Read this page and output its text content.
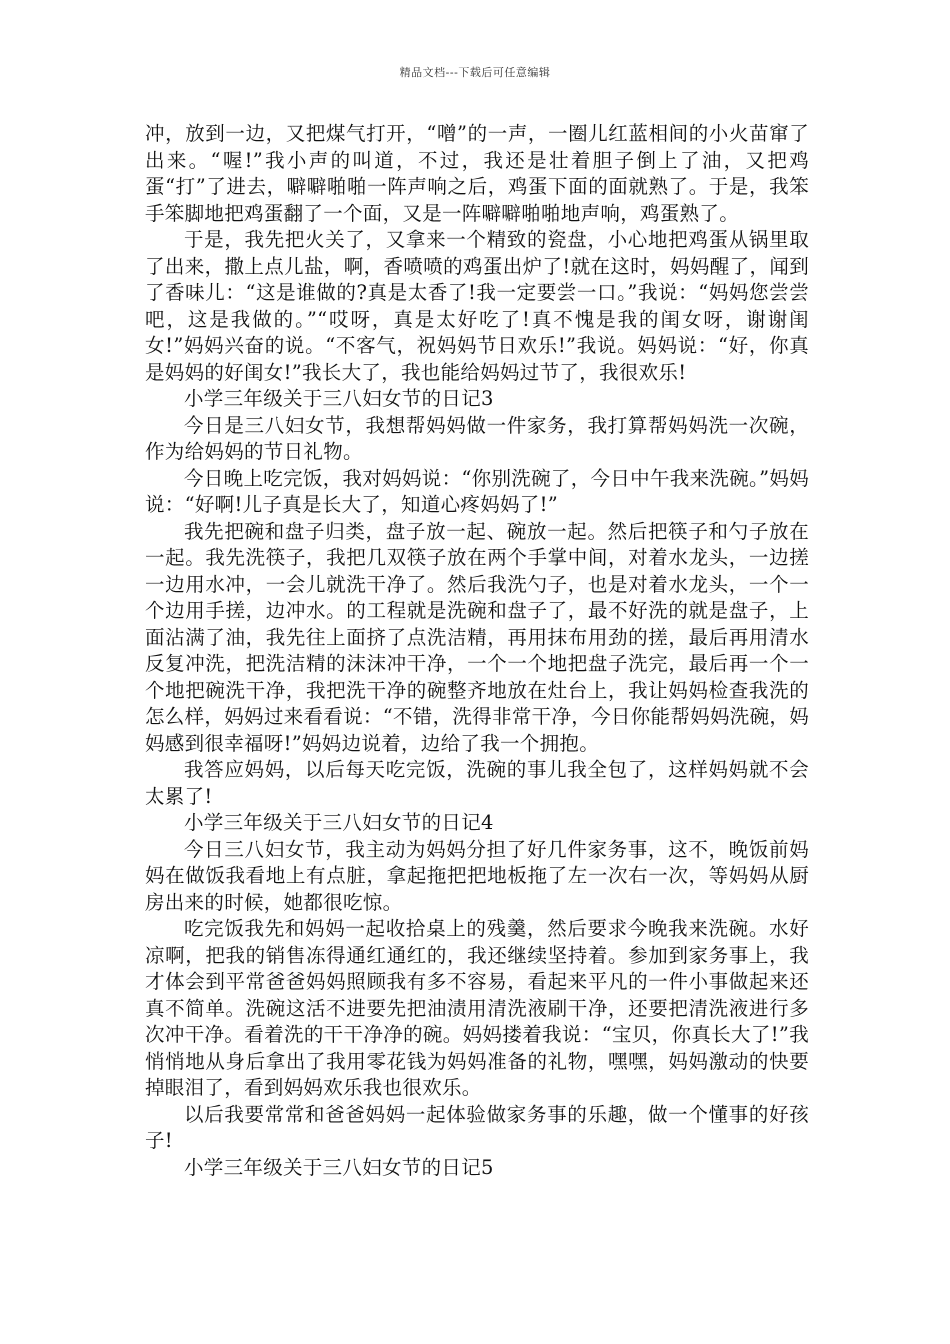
精品文档---下载后可任意编辑

冲，放到一边，又把煤气打开，“噌”的一声，一圈儿红蓝相间的小火苗窜了出来。“喔!”我小声的叫道，不过，我还是壮着胆子倒上了油，又把鸡蛋“打”了进去，噼噼啪啪一阵声响之后，鸡蛋下面的面就熟了。于是，我笨手笨脚地把鸡蛋翻了一个面，又是一阵噼噼啪啪地声响，鸡蛋熟了。

于是，我先把火关了，又拿来一个精致的瓷盘，小心地把鸡蛋从锅里取了出来，撒上点儿盐，啊，香喷喷的鸡蛋出炉了!就在这时，妈妈醒了，闻到了香味儿：“这是谁做的?真是太香了!我一定要尝一口。”我说：“妈妈您尝尝吧，这是我做的。”“哎呀，真是太好吃了!真不愧是我的闺女呀，谢谢闺女!”妈妈兴奋的说。“不客气，祝妈妈节日欢乐!”我说。妈妈说：“好，你真是妈妈的好闺女!”我长大了，我也能给妈妈过节了，我很欢乐!

小学三年级关于三八妇女节的日记3

今日是三八妇女节，我想帮妈妈做一件家务，我打算帮妈妈洗一次碗，作为给妈妈的节日礼物。

今日晚上吃完饭，我对妈妈说：“你别洗碗了，今日中午我来洗碗。”妈妈说：“好啊!儿子真是长大了，知道心疼妈妈了!”

我先把碗和盘子归类，盘子放一起、碗放一起。然后把筷子和勺子放在一起。我先洗筷子，我把几双筷子放在两个手掌中间，对着水龙头，一边搓一边用水冲，一会儿就洗干净了。然后我洗勺子，也是对着水龙头，一个一个边用手搓，边冲水。的工程就是洗碗和盘子了，最不好洗的就是盘子，上面沾满了油，我先往上面挤了点洗洁精，再用抹布用劲的搓，最后再用清水反复冲洗，把洗洁精的沫沫冲干净，一个一个地把盘子洗完，最后再一个一个地把碗洗干净，我把洗干净的碗整齐地放在灶台上，我让妈妈检查我洗的怎么样，妈妈过来看看说：“不错，洗得非常干净，今日你能帮妈妈洗碗，妈妈感到很幸福呀!”妈妈边说着，边给了我一个拥抱。

我答应妈妈，以后每天吃完饭，洗碗的事儿我全包了，这样妈妈就不会太累了!

小学三年级关于三八妇女节的日记4

今日三八妇女节，我主动为妈妈分担了好几件家务事，这不，晚饭前妈妈在做饭我看地上有点脏，拿起拖把把地板拖了左一次右一次，等妈妈从厨房出来的时候，她都很吃惊。

吃完饭我先和妈妈一起收拾桌上的残羹，然后要求今晚我来洗碗。水好凉啊，把我的销售冻得通红通红的，我还继续坚持着。参加到家务事上，我才体会到平常爸爸妈妈照顾我有多不容易，看起来平凡的一件小事做起来还真不简单。洗碗这活不进要先把油渍用清洗液刷干净，还要把清洗液进行多次冲干净。看着洗的干干净净的碗。妈妈搂着我说：“宝贝，你真长大了!”我悄悄地从身后拿出了我用零花钱为妈妈准备的礼物，嘿嘿，妈妈激动的快要掉眼泪了，看到妈妈欢乐我也很欢乐。

以后我要常常和爸爸妈妈一起体验做家务事的乐趣，做一个懂事的好孩子!

小学三年级关于三八妇女节的日记5
